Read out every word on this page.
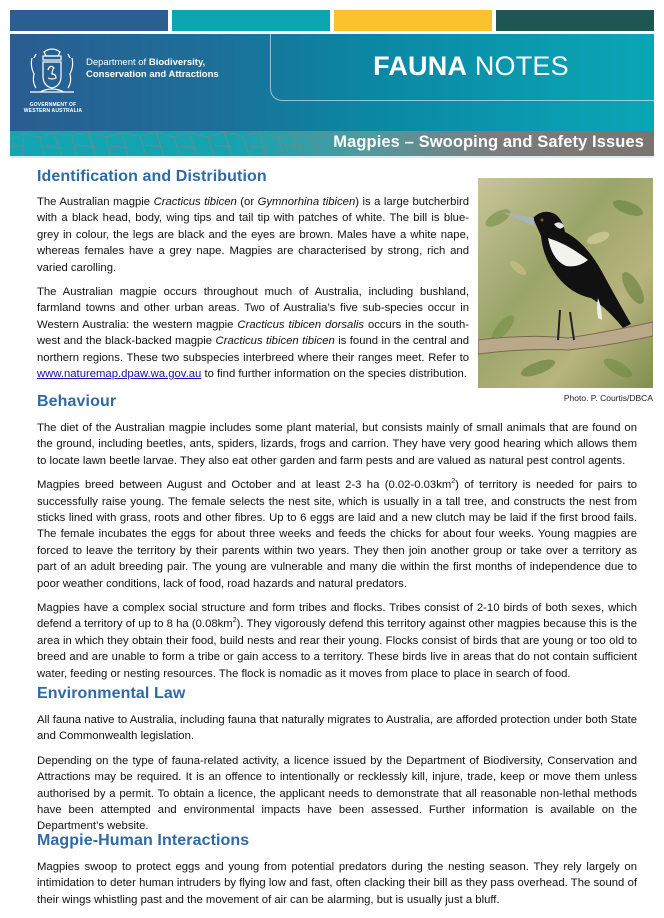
GOVERNMENT OF
WESTERN AUSTRALIA
Department of Biodiversity,
Conservation and Attractions	FAUNA NOTES
Magpies – Swooping and Safety Issues
Photo. P. Courtis/DBCA
Identification and Distribution

The Australian magpie Cracticus tibicen (or Gymnorhina tibicen) is a large butcherbird with a black head, body, wing tips and tail tip with patches of white. The bill is blue-grey in colour, the legs are black and the eyes are brown. Males have a white nape, whereas females have a grey nape. Magpies are characterised by strong, rich and varied carolling.

The Australian magpie occurs throughout much of Australia, including bushland, farmland towns and other urban areas. Two of Australia’s five sub-species occur in Western Australia: the western magpie Cracticus tibicen dorsalis occurs in the south-west and the black-backed magpie Cracticus tibicen tibicen is found in the central and northern regions. These two subspecies interbreed where their ranges meet. Refer to www.naturemap.dpaw.wa.gov.au to find further information on the species distribution.

Behaviour

The diet of the Australian magpie includes some plant material, but consists mainly of small animals that are found on the ground, including beetles, ants, spiders, lizards, frogs and carrion. They have very good hearing which allows them to locate lawn beetle larvae. They also eat other garden and farm pests and are valued as natural pest control agents.

Magpies breed between August and October and at least 2-3 ha $(0.02-0.03km^2)$ of territory is needed for pairs to successfully raise young. The female selects the nest site, which is usually in a tall tree, and constructs the nest from sticks lined with grass, roots and other fibres. Up to 6 eggs are laid and a new clutch may be laid if the first brood fails. The female incubates the eggs for about three weeks and feeds the chicks for about four weeks. Young magpies are forced to leave the territory by their parents within two years. They then join another group or take over a territory as part of an adult breeding pair. The young are vulnerable and many die within the first months of independence due to poor weather conditions, lack of food, road hazards and natural predators.

Magpies have a complex social structure and form tribes and flocks. Tribes consist of 2-10 birds of both sexes, which defend a territory of up to 8 ha $(0.08km^2)$. They vigorously defend this territory against other magpies because this is the area in which they obtain their food, build nests and rear their young. Flocks consist of birds that are young or too old to breed and are unable to form a tribe or gain access to a territory. These birds live in areas that do not contain sufficient water, feeding or nesting resources. The flock is nomadic as it moves from place to place in search of food.

Environmental Law

All fauna native to Australia, including fauna that naturally migrates to Australia, are afforded protection under both State and Commonwealth legislation.

Depending on the type of fauna-related activity, a licence issued by the Department of Biodiversity, Conservation and Attractions may be required. It is an offence to intentionally or recklessly kill, injure, trade, keep or move them unless authorised by a permit. To obtain a licence, the applicant needs to demonstrate that all reasonable non-lethal methods have been attempted and environmental impacts have been assessed. Further information is available on the Department’s website.

Magpie-Human Interactions

Magpies swoop to protect eggs and young from potential predators during the nesting season. They rely largely on intimidation to deter human intruders by flying low and fast, often clacking their bill as they pass overhead. The sound of their wings whistling past and the movement of air can be alarming, but is usually just a bluff.
